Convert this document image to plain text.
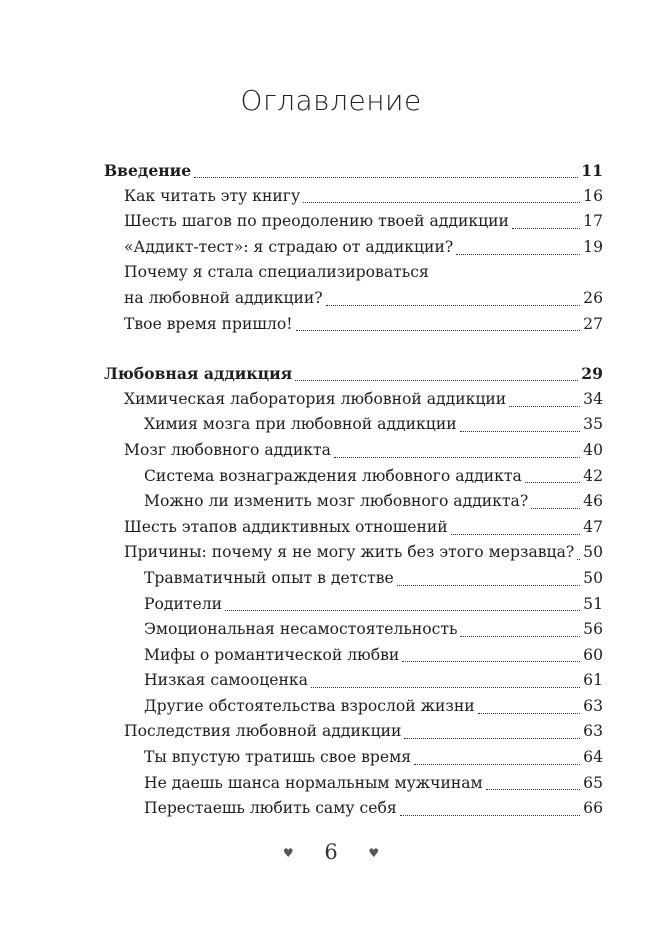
Оглавление
Введение	11
Как читать эту книгу	16
Шесть шагов по преодолению твоей аддикции	17
«Аддикт-тест»: я страдаю от аддикции?	19
Почему я стала специализироваться
на любовной аддикции?	26
Твое время пришло!	27
Любовная аддикция	29
Химическая лаборатория любовной аддикции	34
Химия мозга при любовной аддикции	35
Мозг любовного аддикта	40
Система вознаграждения любовного аддикта	42
Можно ли изменить мозг любовного аддикта?	46
Шесть этапов аддиктивных отношений	47
Причины: почему я не могу жить без этого мерзавца? 50
Травматичный опыт в детстве	50
Родители	51
Эмоциональная несамостоятельность	56
Мифы о романтической любви	60
Низкая самооценка	61
Другие обстоятельства взрослой жизни	63
Последствия любовной аддикции	63
Ты впустую тратишь свое время	64
Не даешь шанса нормальным мужчинам	65
Перестаешь любить саму себя	66
♥ 6	♥
